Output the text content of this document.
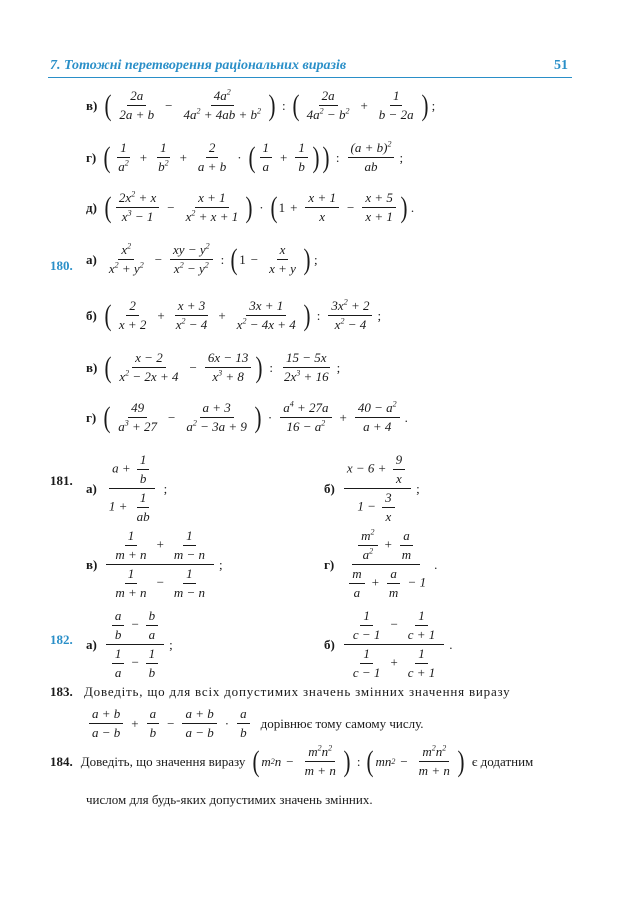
7. Тотожні перетворення раціональних виразів	51
в) ( $\frac{2a}{2a + b} - \frac{4a^2}{4a^2 + 4ab + b^2}$ ) : ( $\frac{2a}{4a^2 - b^2} + \frac{1}{b - 2a}$ ) ;
г) ( $\frac{1}{a^2} + \frac{1}{b^2} + \frac{2}{a + b}$ · ( $\frac{1}{a} + \frac{1}{b}$ ) ) : $\frac{(a + b)^2}{ab}$ ;
д) ( $\frac{2x^2 + x}{x^3 - 1} - \frac{x + 1}{x^2 + x + 1}$ ) · ( $1 + \frac{x + 1}{x} - \frac{x + 5}{x + 1}$ ) .
180. $а) \frac{x^2}{x^2 + y^2} - \frac{xy - y^2}{x^2 - y^2}$ : ( $1 - \frac{x}{x + y}$ ) ;
б) ( $\frac{2}{x + 2} + \frac{x + 3}{x^2 - 4} + \frac{3x + 1}{x^2 - 4x + 4}$ ) : $\frac{3x^2 + 2}{x^2 - 4}$ ;
в) ( $\frac{x - 2}{x^2 - 2x + 4} - \frac{6x - 13}{x^3 + 8}$ ) : $\frac{15 - 5x}{2x^3 + 16}$ ;
г) ( $\frac{49}{a^3 + 27} - \frac{a + 3}{a^2 - 3a + 9}$ ) · $\frac{a^4 + 27a}{16 - a^2} + \frac{40 - a^2}{a + 4}$ .
181. $а) \frac{a + \frac{1}{b}}{1 + \frac{1}{ab}}$ ;	$б) \frac{x - 6 + \frac{9}{x}}{1 - \frac{3}{x}}$ ;
$в) \frac{\frac{1}{m + n} + \frac{1}{m - n}}{\frac{1}{m + n} - \frac{1}{m - n}}$ ;	$г) \frac{\frac{m^2}{a^2} + \frac{a}{m}}{\frac{m}{a} + \frac{a}{m} - 1}$ .
182. $а) \frac{\frac{a}{b} - \frac{b}{a}}{\frac{1}{a} - \frac{1}{b}}$ ;	$б) \frac{\frac{1}{c - 1} - \frac{1}{c + 1}}{\frac{1}{c - 1} + \frac{1}{c + 1}}$ .
183. Доведіть, що для всіх допустимих значень змінних значення виразу
$\frac{a + b}{a - b} + \frac{a}{b} - \frac{a + b}{a - b} \cdot \frac{a}{b}$ дорівнює тому самому числу.
184. Доведіть, що значення виразу ( m 2 $n - \frac{m^2n^2}{m + n}$ ) : ( mn $2 - \frac{m^2n^2}{m + n}$ ) є додатним
числом для будь-яких допустимих значень змінних.
